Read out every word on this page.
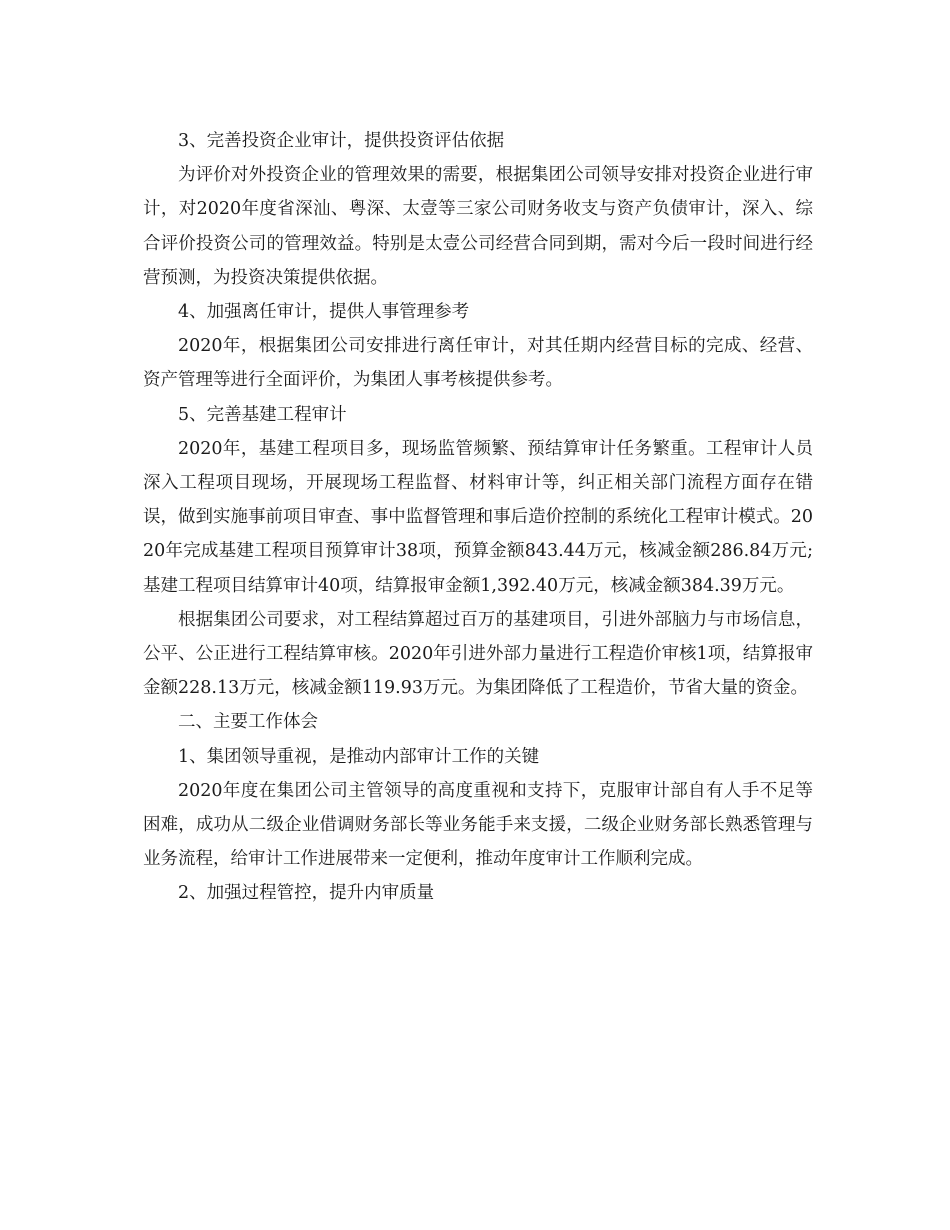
3、完善投资企业审计，提供投资评估依据

为评价对外投资企业的管理效果的需要，根据集团公司领导安排对投资企业进行审计，对2020年度省深汕、粤深、太壹等三家公司财务收支与资产负债审计，深入、综合评价投资公司的管理效益。特别是太壹公司经营合同到期，需对今后一段时间进行经营预测，为投资决策提供依据。

4、加强离任审计，提供人事管理参考

2020年，根据集团公司安排进行离任审计，对其任期内经营目标的完成、经营、资产管理等进行全面评价，为集团人事考核提供参考。

5、完善基建工程审计

2020年，基建工程项目多，现场监管频繁、预结算审计任务繁重。工程审计人员深入工程项目现场，开展现场工程监督、材料审计等，纠正相关部门流程方面存在错误，做到实施事前项目审查、事中监督管理和事后造价控制的系统化工程审计模式。2020年完成基建工程项目预算审计38项，预算金额843.44万元，核减金额286.84万元;基建工程项目结算审计40项，结算报审金额1,392.40万元，核减金额384.39万元。

根据集团公司要求，对工程结算超过百万的基建项目，引进外部脑力与市场信息，公平、公正进行工程结算审核。2020年引进外部力量进行工程造价审核1项，结算报审金额228.13万元，核减金额119.93万元。为集团降低了工程造价，节省大量的资金。

二、主要工作体会

1、集团领导重视，是推动内部审计工作的关键

2020年度在集团公司主管领导的高度重视和支持下，克服审计部自有人手不足等困难，成功从二级企业借调财务部长等业务能手来支援，二级企业财务部长熟悉管理与业务流程，给审计工作进展带来一定便利，推动年度审计工作顺利完成。

2、加强过程管控，提升内审质量
